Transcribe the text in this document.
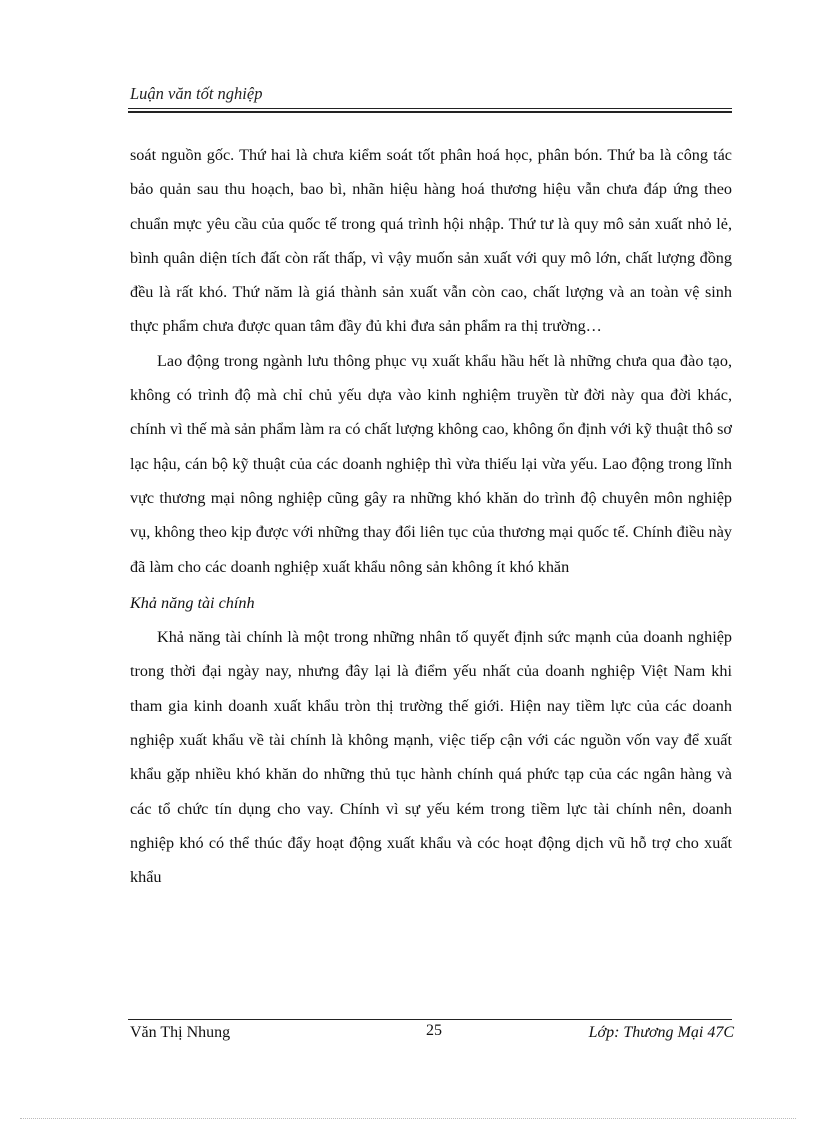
Luận văn tốt nghiệp

soát nguồn gốc. Thứ hai là chưa kiểm soát tốt phân hoá học, phân bón. Thứ ba là công tác bảo quản sau thu hoạch, bao bì, nhãn hiệu hàng hoá thương hiệu vẫn chưa đáp ứng theo chuẩn mực yêu cầu của quốc tế trong quá trình hội nhập. Thứ tư là quy mô sản xuất nhỏ lẻ, bình quân diện tích đất còn rất thấp, vì vậy muốn sản xuất với quy mô lớn, chất lượng đồng đều là rất khó. Thứ năm là giá thành sản xuất vẫn còn cao, chất lượng và an toàn vệ sinh thực phẩm chưa được quan tâm đầy đủ khi đưa sản phẩm ra thị trường…

Lao động trong ngành lưu thông phục vụ xuất khẩu hầu hết là những chưa qua đào tạo, không có trình độ mà chỉ chủ yếu dựa vào kinh nghiệm truyền từ đời này qua đời khác, chính vì thế mà sản phẩm làm ra có chất lượng không cao, không ổn định với kỹ thuật thô sơ lạc hậu, cán bộ kỹ thuật của các doanh nghiệp thì vừa thiếu lại vừa yếu. Lao động trong lĩnh vực thương mại nông nghiệp cũng gây ra những khó khăn do trình độ chuyên môn nghiệp vụ, không theo kịp được với những thay đổi liên tục của thương mại quốc tế. Chính điều này đã làm cho các doanh nghiệp xuất khẩu nông sản không ít khó khăn

Khả năng tài chính

Khả năng tài chính là một trong những nhân tố quyết định sức mạnh của doanh nghiệp trong thời đại ngày nay, nhưng đây lại là điểm yếu nhất của doanh nghiệp Việt Nam khi tham gia kinh doanh xuất khẩu tròn thị trường thế giới. Hiện nay tiềm lực của các doanh nghiệp xuất khẩu về tài chính là không mạnh, việc tiếp cận với các nguồn vốn vay để xuất khẩu gặp nhiều khó khăn do những thủ tục hành chính quá phức tạp của các ngân hàng và các tổ chức tín dụng cho vay. Chính vì sự yếu kém trong tiềm lực tài chính nên, doanh nghiệp khó có thể thúc đẩy hoạt động xuất khẩu và cóc hoạt động dịch vũ hỗ trợ cho xuất khẩu

Văn Thị Nhung	25	Lớp: Thương Mại 47C
